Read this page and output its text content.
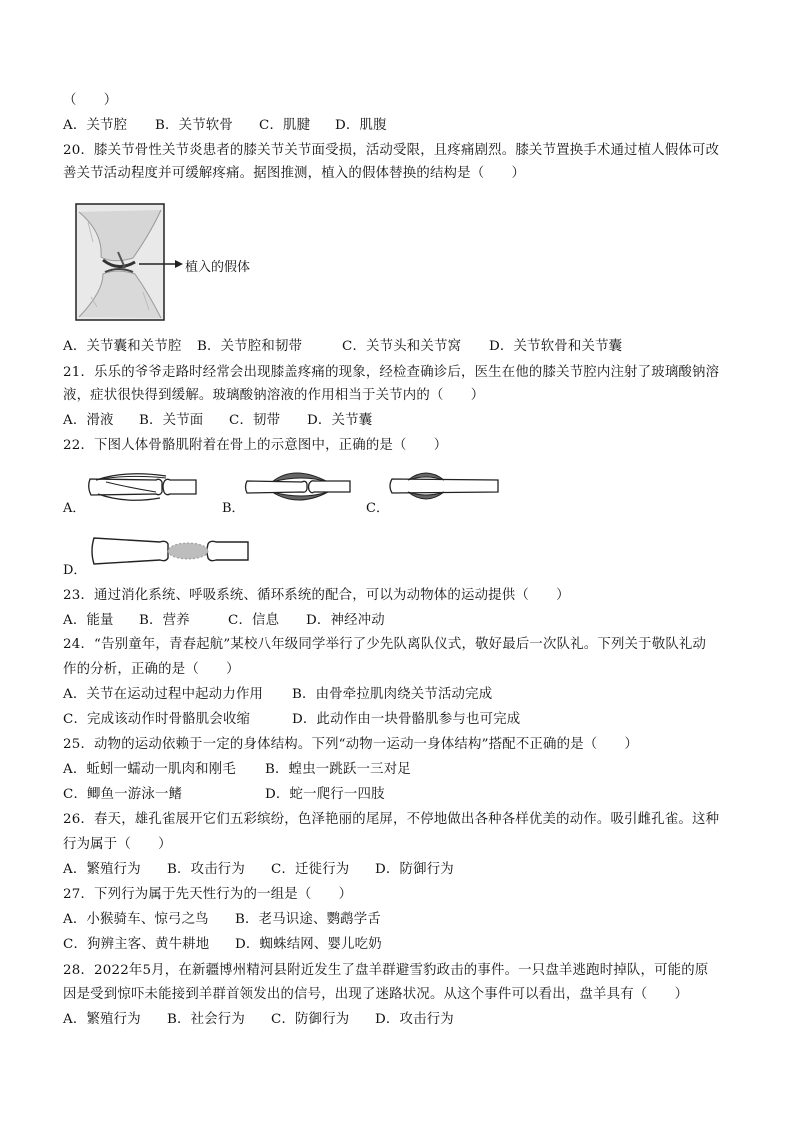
（　　）
A．关节腔 B．关节软骨 C．肌腱 D．肌腹
20．膝关节骨性关节炎患者的膝关节关节面受损，活动受限，且疼痛剧烈。膝关节置换手术通过植人假体可改
善关节活动程度并可缓解疼痛。据图推测，植入的假体替换的结构是（　　）
植入的假体
A．关节囊和关节腔 B．关节腔和韧带	C．关节头和关节窝 D．关节软骨和关节囊
21．乐乐的爷爷走路时经常会出现膝盖疼痛的现象，经检查确诊后，医生在他的膝关节腔内注射了玻璃酸钠溶
液，症状很快得到缓解。玻璃酸钠溶液的作用相当于关节内的（　　）
A．滑液 B．关节面 C．韧带 D．关节囊
22．下图人体骨骼肌附着在骨上的示意图中，正确的是（　　）
A．	B．	C．
D．
23．通过消化系统、呼吸系统、循环系统的配合，可以为动物体的运动提供（　　）
A．能量 B．营养	C．信息 D．神经冲动
24．“告别童年，青春起航”某校八年级同学举行了少先队离队仪式，敬好最后一次队礼。下列关于敬队礼动
作的分析，正确的是（　　）
A．关节在运动过程中起动力作用 B．由骨牵拉肌肉绕关节活动完成
C．完成该动作时骨骼肌会收缩	D．此动作由一块骨骼肌参与也可完成
25．动物的运动依赖于一定的身体结构。下列“动物一运动一身体结构”搭配不正确的是（　　）
A．蚯蚓一蠕动一肌肉和刚毛 B．蝗虫一跳跃一三对足
C．鲫鱼一游泳一鳍	D．蛇一爬行一四肢
26．春天，雄孔雀展开它们五彩缤纷，色泽艳丽的尾屏，不停地做出各种各样优美的动作。吸引雌孔雀。这种
行为属于（　　）
A．繁殖行为 B．攻击行为 C．迁徙行为 D．防御行为
27．下列行为属于先天性行为的一组是（　　）
A．小猴骑车、惊弓之鸟 B．老马识途、鹦鹉学舌
C．狗辨主客、黄牛耕地 D．蜘蛛结网、婴儿吃奶
28．2022年5月，在新疆博州精河县附近发生了盘羊群避雪豹政击的事件。一只盘羊逃跑时掉队，可能的原
因是受到惊吓未能接到羊群首领发出的信号，出现了迷路状况。从这个事件可以看出，盘羊具有（　　）
A．繁殖行为 B．社会行为 C．防御行为 D．攻击行为
